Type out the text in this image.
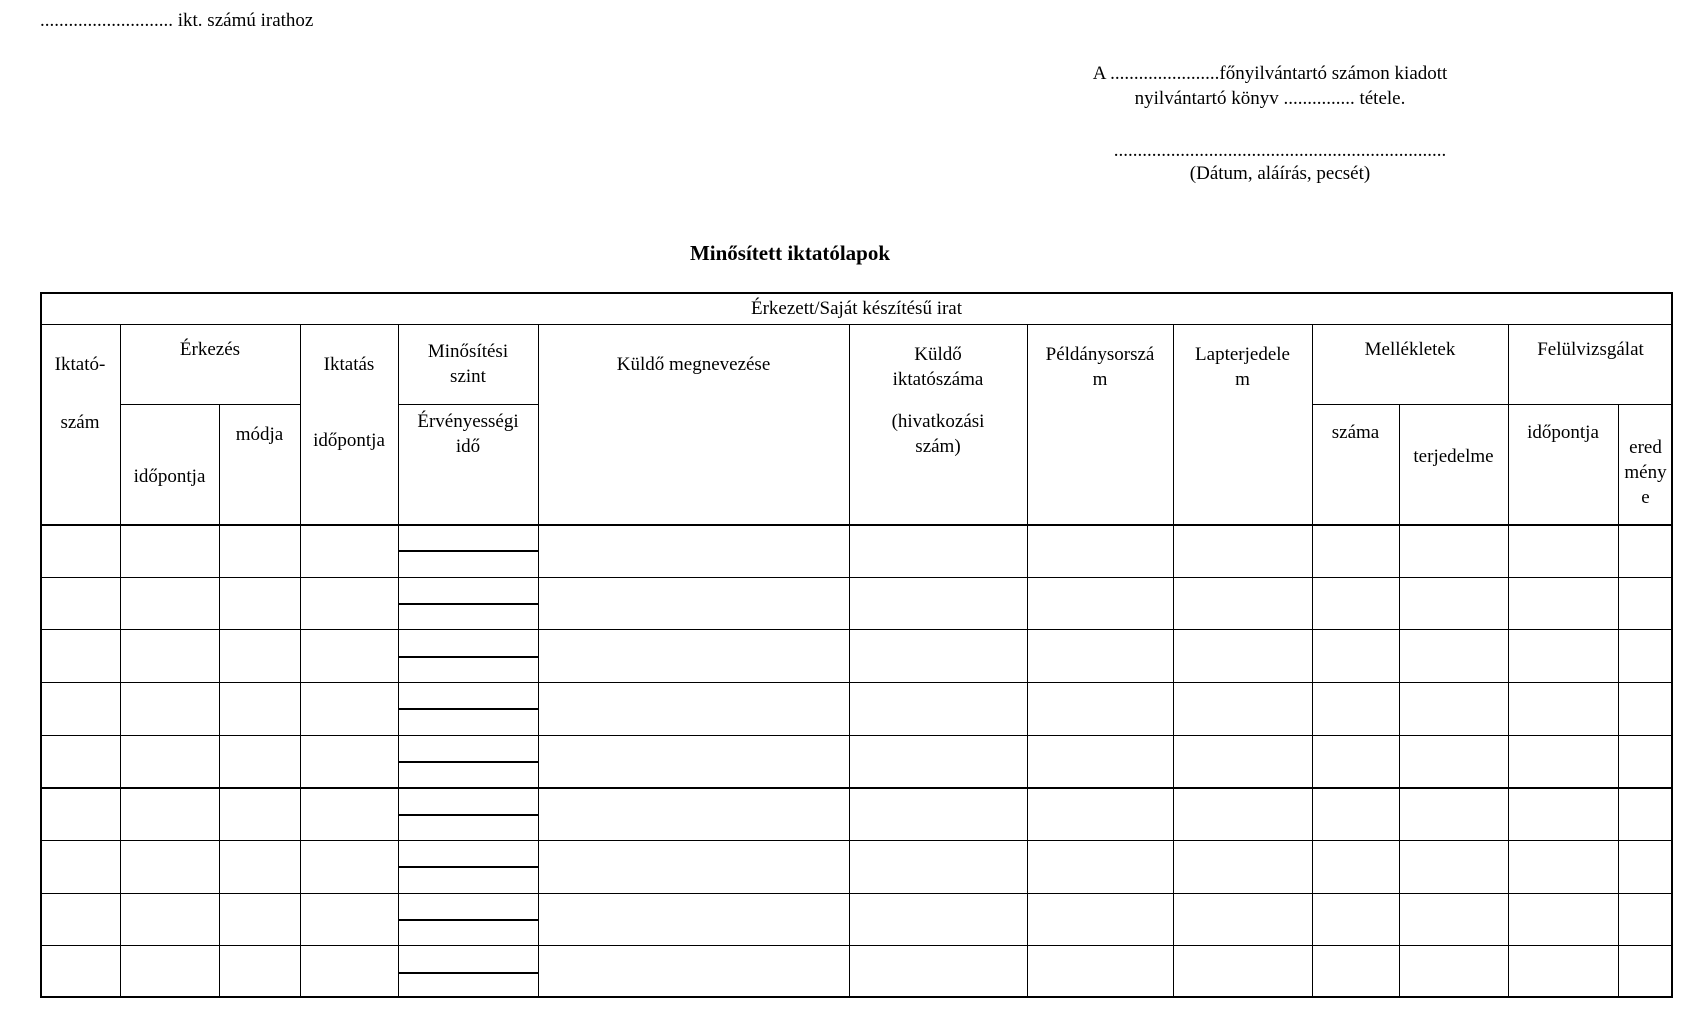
............................ ikt. számú irathoz
A .......................főnyilvántartó számon kiadott
nyilvántartó könyv ............... tétele.
......................................................................
(Dátum, aláírás, pecsét)
Minősített iktatólapok
Érkezett/Saját készítésű irat
Iktató-
szám
Érkezés
időpontja
módja
Iktatás
időpontja
Minősítési
szint
Érvényességi
idő
Küldő megnevezése	Küldő
iktatószáma
(hivatkozási
szám)
Példánysorszá
m
Lapterjedele
m
Mellékletek
száma
terjedelme
Felülvizsgálat
időpontja
ered
mény
e
